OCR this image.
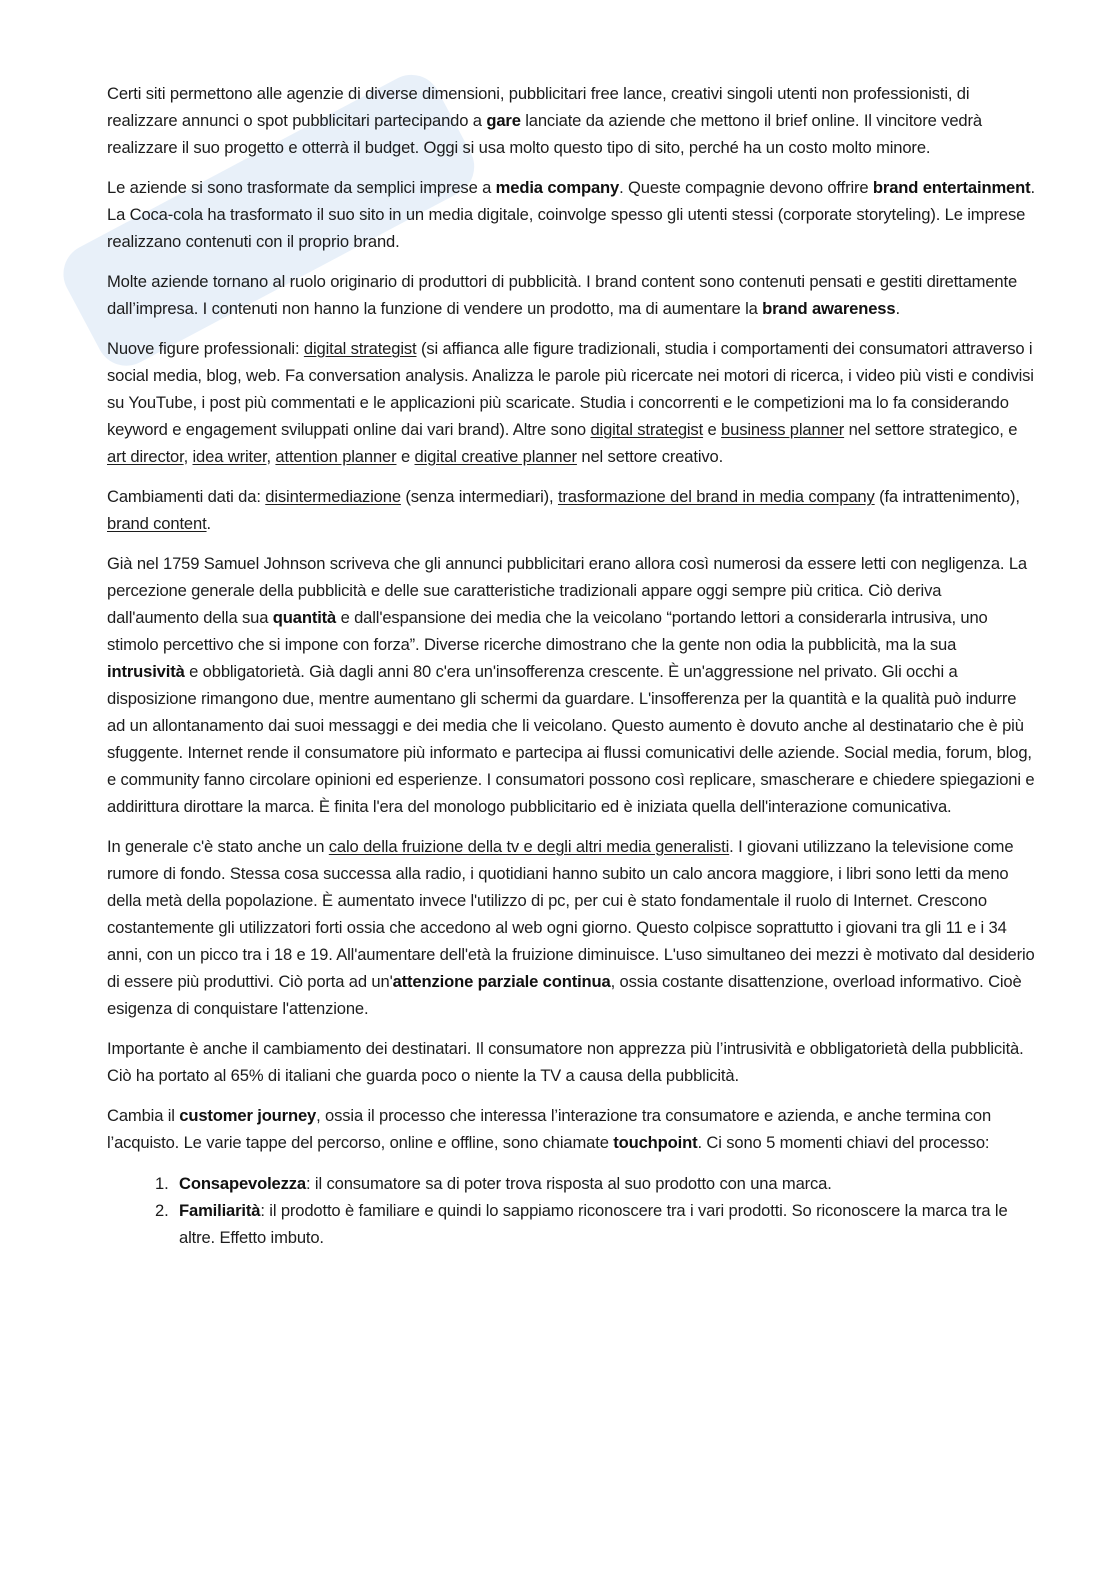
Certi siti permettono alle agenzie di diverse dimensioni, pubblicitari free lance, creativi singoli utenti non professionisti, di realizzare annunci o spot pubblicitari partecipando a gare lanciate da aziende che mettono il brief online. Il vincitore vedrà realizzare il suo progetto e otterrà il budget. Oggi si usa molto questo tipo di sito, perché ha un costo molto minore.

Le aziende si sono trasformate da semplici imprese a media company. Queste compagnie devono offrire brand entertainment. La Coca-cola ha trasformato il suo sito in un media digitale, coinvolge spesso gli utenti stessi (corporate storyteling). Le imprese realizzano contenuti con il proprio brand.

Molte aziende tornano al ruolo originario di produttori di pubblicità. I brand content sono contenuti pensati e gestiti direttamente dall’impresa. I contenuti non hanno la funzione di vendere un prodotto, ma di aumentare la brand awareness.

Nuove figure professionali: digital strategist (si affianca alle figure tradizionali, studia i comportamenti dei consumatori attraverso i social media, blog, web. Fa conversation analysis. Analizza le parole più ricercate nei motori di ricerca, i video più visti e condivisi su YouTube, i post più commentati e le applicazioni più scaricate. Studia i concorrenti e le competizioni ma lo fa considerando keyword e engagement sviluppati online dai vari brand). Altre sono digital strategist e business planner nel settore strategico, e art director, idea writer, attention planner e digital creative planner nel settore creativo.

Cambiamenti dati da: disintermediazione (senza intermediari), trasformazione del brand in media company (fa intrattenimento), brand content.

Già nel 1759 Samuel Johnson scriveva che gli annunci pubblicitari erano allora così numerosi da essere letti con negligenza. La percezione generale della pubblicità e delle sue caratteristiche tradizionali appare oggi sempre più critica. Ciò deriva dall'aumento della sua quantità e dall'espansione dei media che la veicolano “portando lettori a considerarla intrusiva, uno stimolo percettivo che si impone con forza”. Diverse ricerche dimostrano che la gente non odia la pubblicità, ma la sua intrusività e obbligatorietà. Già dagli anni 80 c'era un'insofferenza crescente. È un'aggressione nel privato. Gli occhi a disposizione rimangono due, mentre aumentano gli schermi da guardare. L'insofferenza per la quantità e la qualità può indurre ad un allontanamento dai suoi messaggi e dei media che li veicolano. Questo aumento è dovuto anche al destinatario che è più sfuggente. Internet rende il consumatore più informato e partecipa ai flussi comunicativi delle aziende. Social media, forum, blog, e community fanno circolare opinioni ed esperienze. I consumatori possono così replicare, smascherare e chiedere spiegazioni e addirittura dirottare la marca. È finita l'era del monologo pubblicitario ed è iniziata quella dell'interazione comunicativa.

In generale c'è stato anche un calo della fruizione della tv e degli altri media generalisti. I giovani utilizzano la televisione come rumore di fondo. Stessa cosa successa alla radio, i quotidiani hanno subito un calo ancora maggiore, i libri sono letti da meno della metà della popolazione. È aumentato invece l'utilizzo di pc, per cui è stato fondamentale il ruolo di Internet. Crescono costantemente gli utilizzatori forti ossia che accedono al web ogni giorno. Questo colpisce soprattutto i giovani tra gli 11 e i 34 anni, con un picco tra i 18 e 19. All'aumentare dell'età la fruizione diminuisce. L'uso simultaneo dei mezzi è motivato dal desiderio di essere più produttivi. Ciò porta ad un'attenzione parziale continua, ossia costante disattenzione, overload informativo. Cioè esigenza di conquistare l'attenzione.

Importante è anche il cambiamento dei destinatari. Il consumatore non apprezza più l’intrusività e obbligatorietà della pubblicità. Ciò ha portato al 65% di italiani che guarda poco o niente la TV a causa della pubblicità.

Cambia il customer journey, ossia il processo che interessa l’interazione tra consumatore e azienda, e anche termina con l’acquisto. Le varie tappe del percorso, online e offline, sono chiamate touchpoint. Ci sono 5 momenti chiavi del processo:

1. Consapevolezza: il consumatore sa di poter trova risposta al suo prodotto con una marca.
2. Familiarità: il prodotto è familiare e quindi lo sappiamo riconoscere tra i vari prodotti. So riconoscere la marca tra le altre. Effetto imbuto.
